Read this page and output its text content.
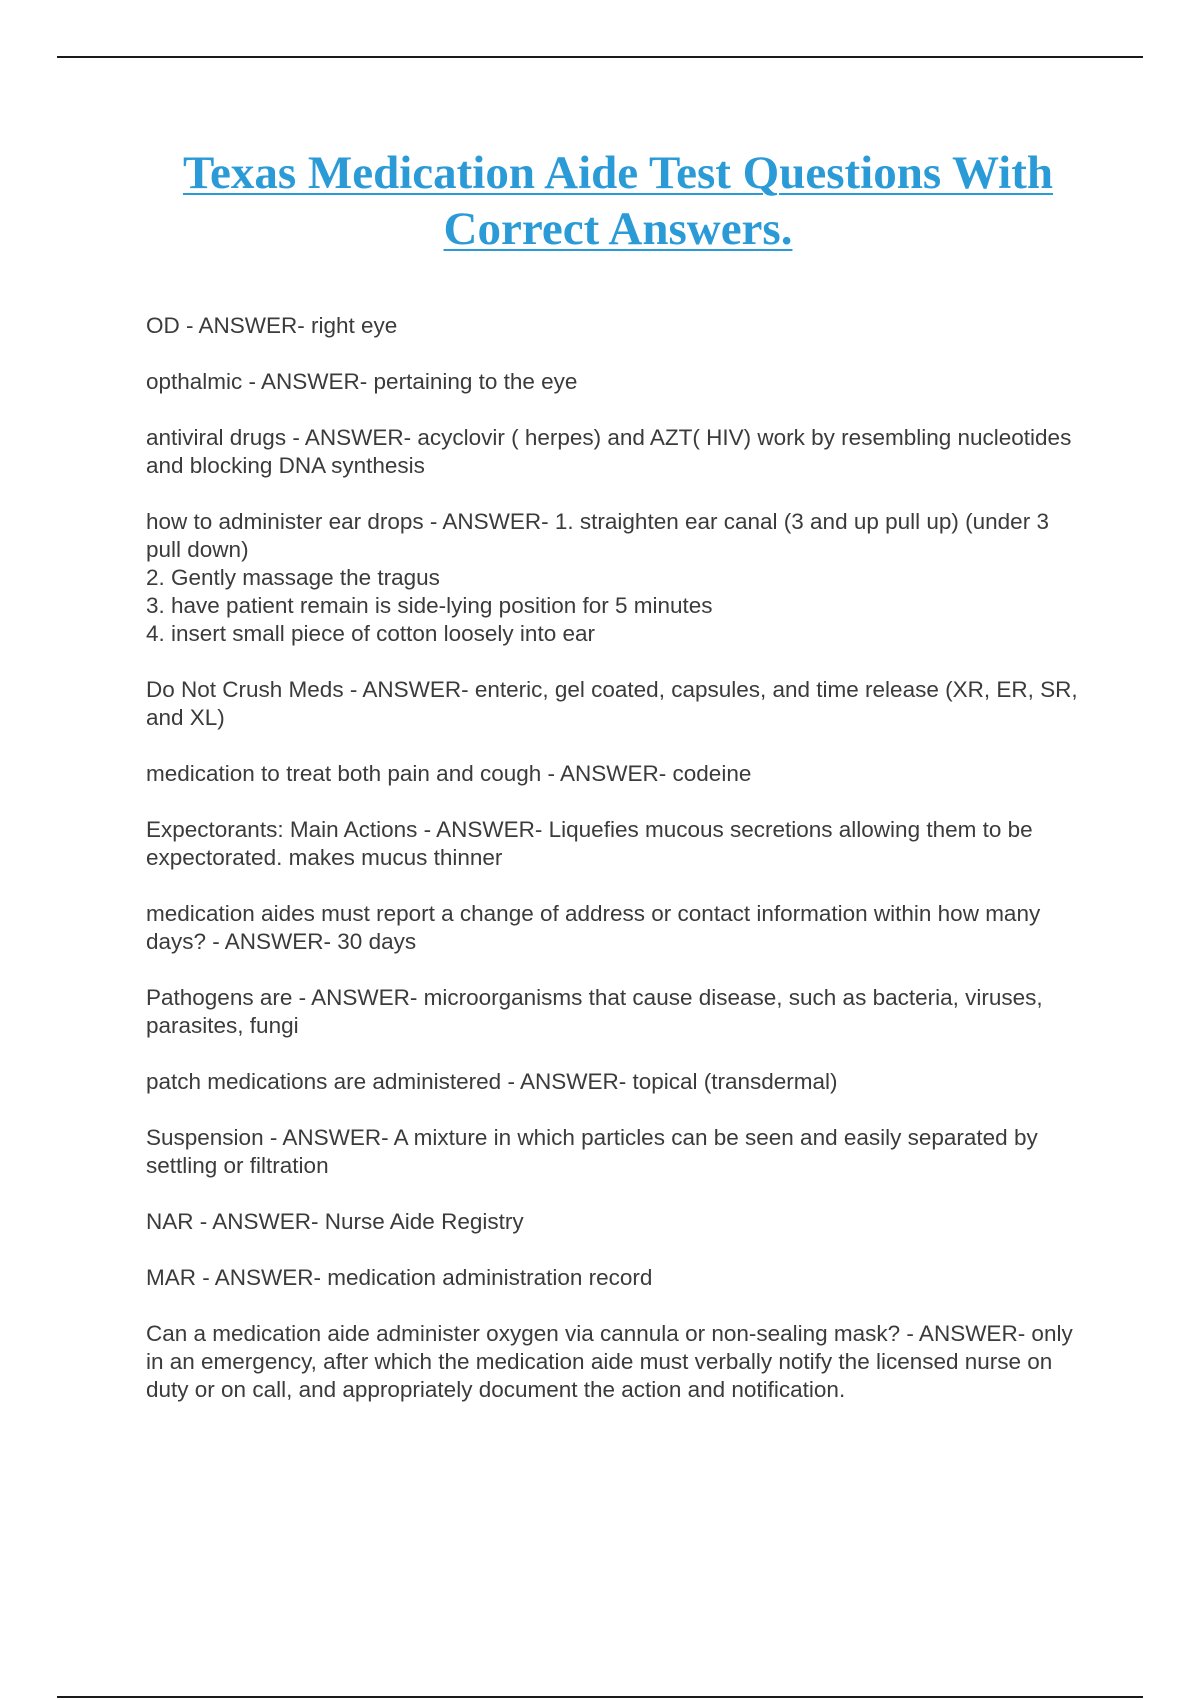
Texas Medication Aide Test Questions With Correct Answers.

OD - ANSWER- right eye

opthalmic - ANSWER- pertaining to the eye

antiviral drugs - ANSWER- acyclovir ( herpes) and AZT( HIV) work by resembling nucleotides and blocking DNA synthesis

how to administer ear drops - ANSWER- 1. straighten ear canal (3 and up pull up) (under 3 pull down)
2. Gently massage the tragus
3. have patient remain is side-lying position for 5 minutes
4. insert small piece of cotton loosely into ear

Do Not Crush Meds - ANSWER- enteric, gel coated, capsules, and time release (XR, ER, SR, and XL)

medication to treat both pain and cough - ANSWER- codeine

Expectorants: Main Actions - ANSWER- Liquefies mucous secretions allowing them to be expectorated. makes mucus thinner

medication aides must report a change of address or contact information within how many days? - ANSWER- 30 days

Pathogens are - ANSWER- microorganisms that cause disease, such as bacteria, viruses, parasites, fungi

patch medications are administered - ANSWER- topical (transdermal)

Suspension - ANSWER- A mixture in which particles can be seen and easily separated by settling or filtration

NAR - ANSWER- Nurse Aide Registry

MAR - ANSWER- medication administration record

Can a medication aide administer oxygen via cannula or non-sealing mask? - ANSWER- only in an emergency, after which the medication aide must verbally notify the licensed nurse on duty or on call, and appropriately document the action and notification.
